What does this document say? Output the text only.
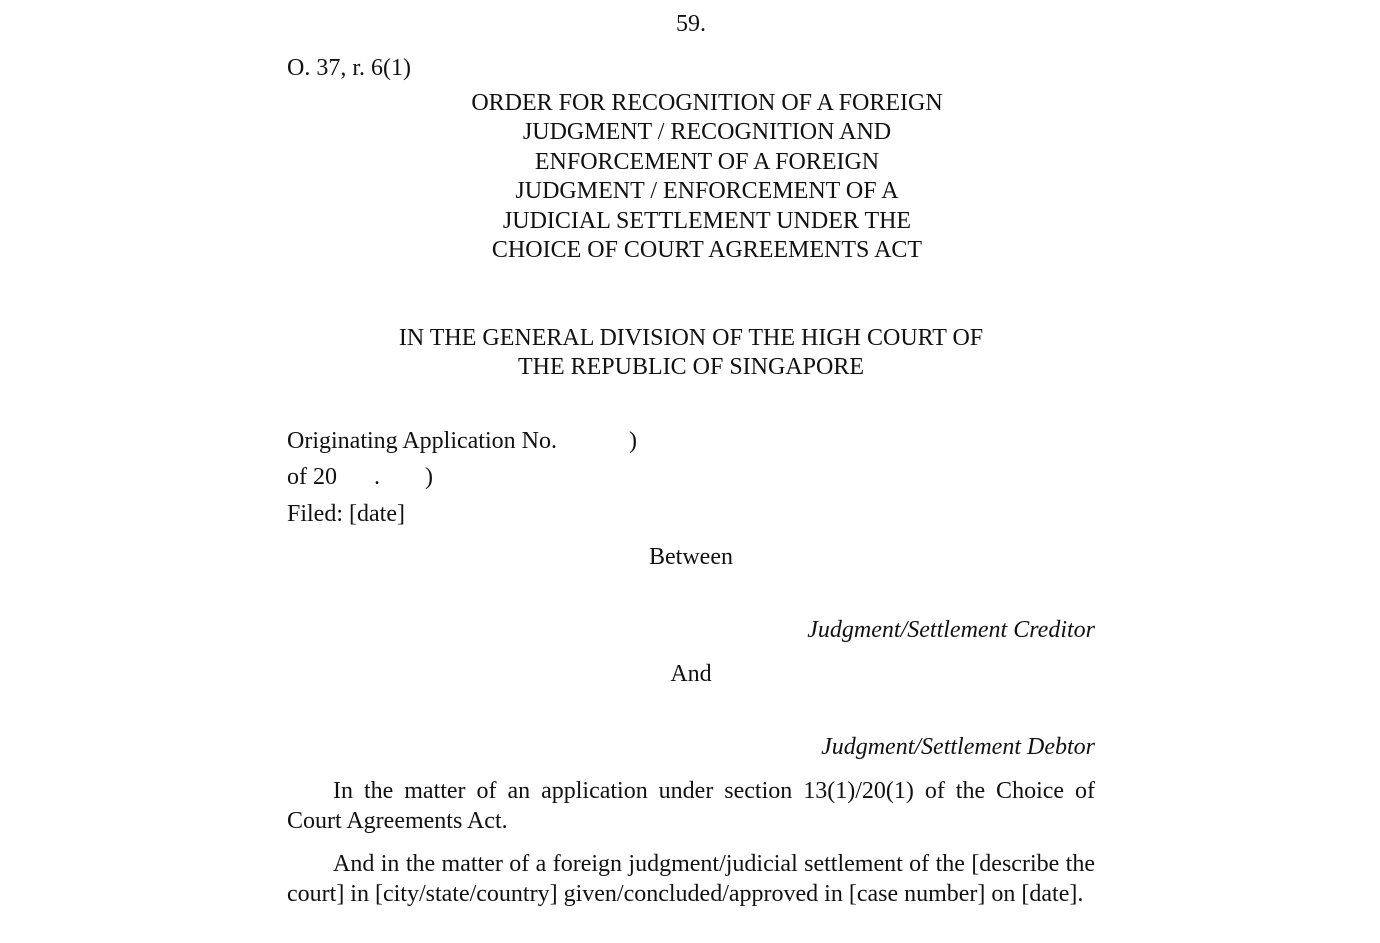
59.
O. 37, r. 6(1)
ORDER FOR RECOGNITION OF A FOREIGN
JUDGMENT / RECOGNITION AND
ENFORCEMENT OF A FOREIGN
JUDGMENT / ENFORCEMENT OF A
JUDICIAL SETTLEMENT UNDER THE
CHOICE OF COURT AGREEMENTS ACT
IN THE GENERAL DIVISION OF THE HIGH COURT OF
THE REPUBLIC OF SINGAPORE
Originating Application No.	)
of 20 . )
Filed: [date]
Between
Judgment/Settlement Creditor
And
Judgment/Settlement Debtor

In the matter of an application under section 13(1)/20(1) of the Choice of Court Agreements Act.

And in the matter of a foreign judgment/judicial settlement of the [describe the court] in [city/state/country] given/concluded/approved in [case number] on [date].
